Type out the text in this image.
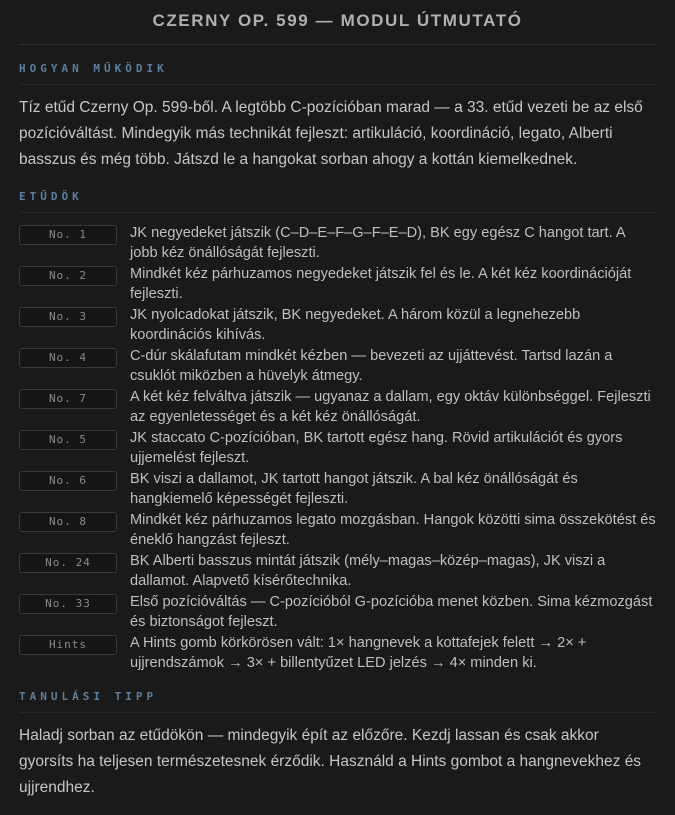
CZERNY OP. 599 — MODUL ÚTMUTATÓ
HOGYAN MŰKÖDIK

Tíz etűd Czerny Op. 599-ből. A legtöbb C-pozícióban marad — a 33. etűd vezeti be az első pozícióváltást. Mindegyik más technikát fejleszt: artikuláció, koordináció, legato, Alberti basszus és még több. Játszd le a hangokat sorban ahogy a kottán kiemelkednek.

ETŰDÖK
No. 1	JK negyedeket játszik (C–D–E–F–G–F–E–D), BK egy egész C hangot tart. A jobb kéz önállóságát fejleszti.

No. 2	Mindkét kéz párhuzamos negyedeket játszik fel és le. A két kéz koordinációját fejleszti.

No. 3	JK nyolcadokat játszik, BK negyedeket. A három közül a legnehezebb koordinációs kihívás.

No. 4	C-dúr skálafutam mindkét kézben — bevezeti az ujjáttevést. Tartsd lazán a csuklót miközben a hüvelyk átmegy.

No. 7	A két kéz felváltva játszik — ugyanaz a dallam, egy oktáv különbséggel. Fejleszti az egyenletességet és a két kéz önállóságát.

No. 5	JK staccato C-pozícióban, BK tartott egész hang. Rövid artikulációt és gyors ujjemelést fejleszt.

No. 6	BK viszi a dallamot, JK tartott hangot játszik. A bal kéz önállóságát és hangkiemelő képességét fejleszti.

No. 8	Mindkét kéz párhuzamos legato mozgásban. Hangok közötti sima összekötést és éneklő hangzást fejleszt.

No. 24	BK Alberti basszus mintát játszik (mély–magas–közép–magas), JK viszi a dallamot. Alapvető kísérőtechnika.

No. 33	Első pozícióváltás — C-pozícióból G-pozícióba menet közben. Sima kézmozgást és biztonságot fejleszt.

Hints	A Hints gomb körkörösen vált: 1× hangnevek a kottafejek felett → 2× + ujjrendszámok → 3× + billentyűzet LED jelzés → 4× minden ki.

TANULÁSI TIPP

Haladj sorban az etűdökön — mindegyik épít az előzőre. Kezdj lassan és csak akkor gyorsíts ha teljesen természetesnek érződik. Használd a Hints gombot a hangnevekhez és ujjrendhez.
